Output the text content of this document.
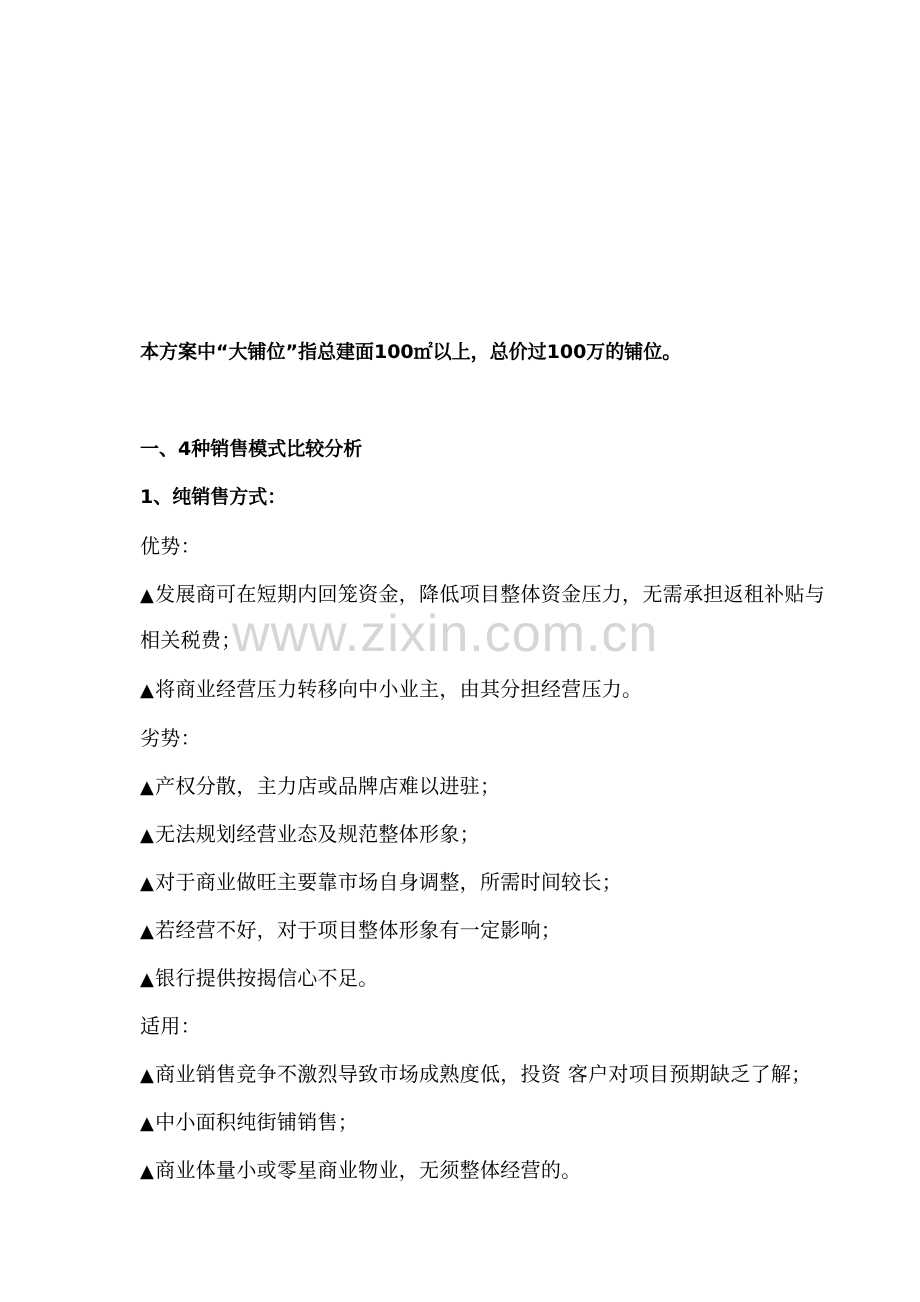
www.zixin.com.cn
本方案中“大铺位”指总建面100㎡以上，总价过100万的铺位。
一、4种销售模式比较分析
1、纯销售方式：
优势：
▲发展商可在短期内回笼资金，降低项目整体资金压力，无需承担返租补贴与
相关税费；
▲将商业经营压力转移向中小业主，由其分担经营压力。
劣势：
▲产权分散，主力店或品牌店难以进驻；
▲无法规划经营业态及规范整体形象；
▲对于商业做旺主要靠市场自身调整，所需时间较长；
▲若经营不好，对于项目整体形象有一定影响；
▲银行提供按揭信心不足。
适用：
▲商业销售竞争不激烈导致市场成熟度低，投资 客户对项目预期缺乏了解；
▲中小面积纯街铺销售；
▲商业体量小或零星商业物业，无须整体经营的。
